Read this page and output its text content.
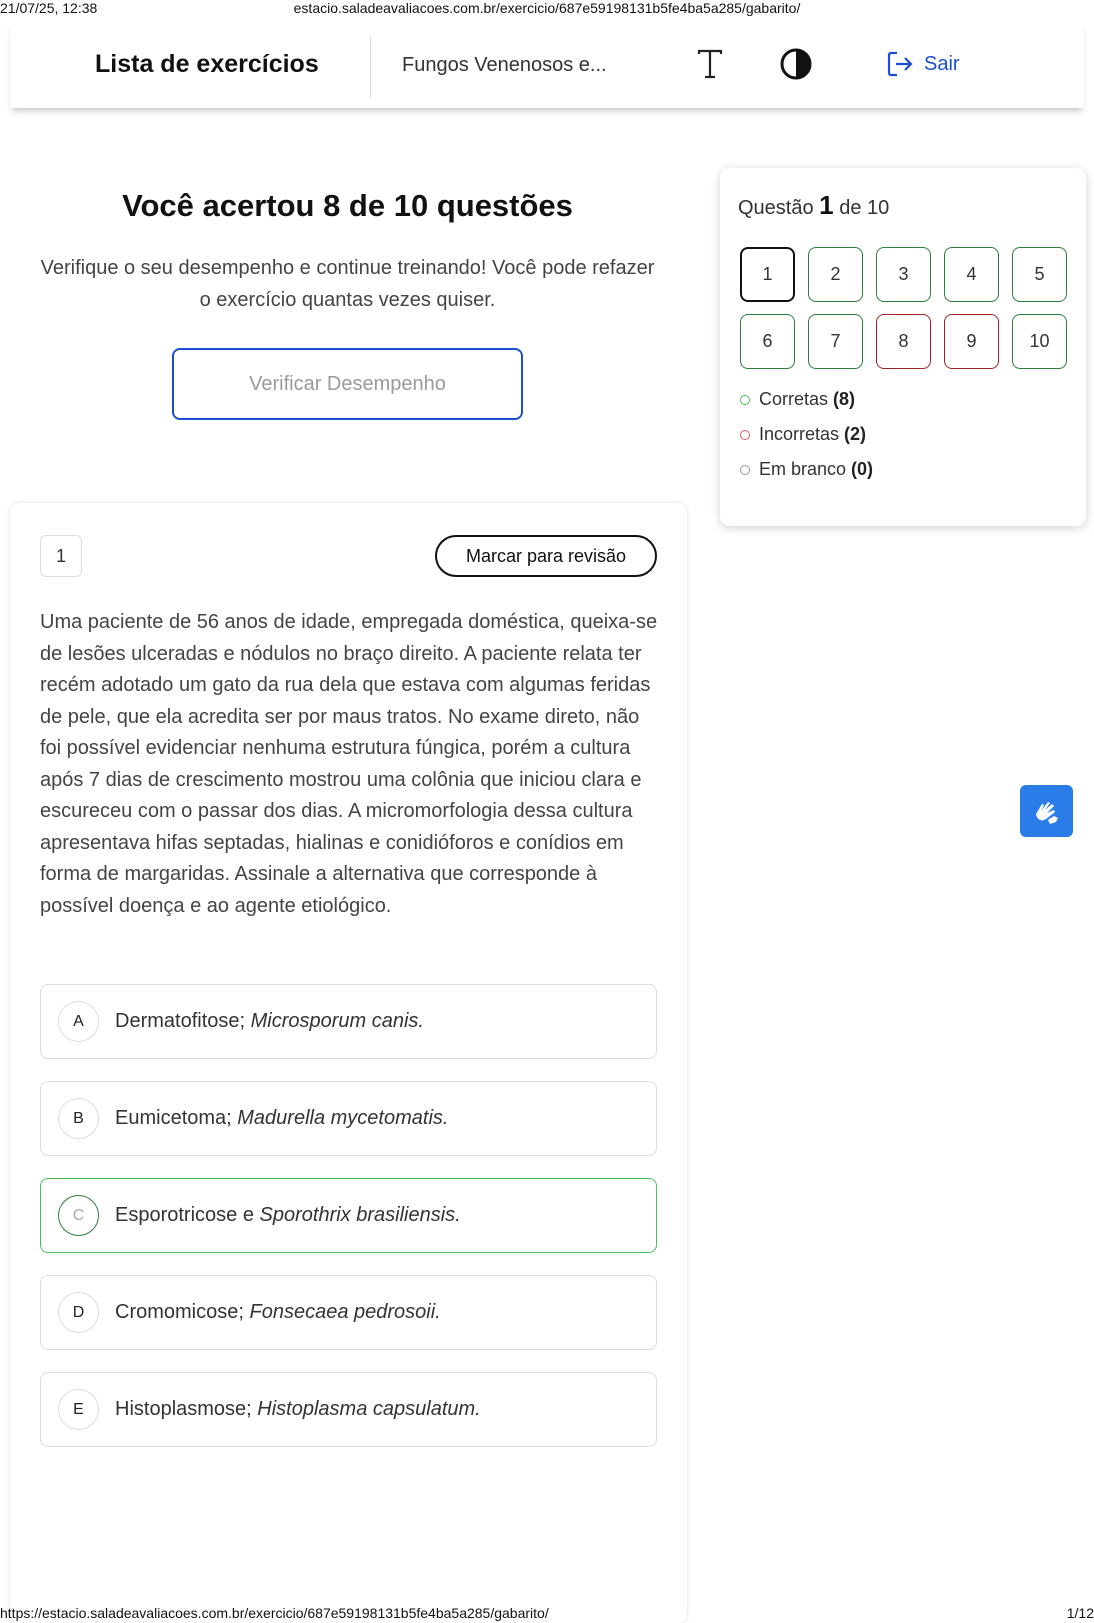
21/07/25, 12:38	estacio.saladeavaliacoes.com.br/exercicio/687e59198131b5fe4ba5a285/gabarito/
Lista de exercícios	Fungos Venenosos e...	Sair
Você acertou 8 de 10 questões
Verifique o seu desempenho e continue treinando! Você pode refazer o exercício quantas vezes quiser.
Verificar Desempenho
Questão 1 de 10
1	2	3	4	5
6	7	8	9	10
Corretas (8)
Incorretas (2)
Em branco (0)
1	Marcar para revisão
Uma paciente de 56 anos de idade, empregada doméstica, queixa-se de lesões ulceradas e nódulos no braço direito. A paciente relata ter recém adotado um gato da rua dela que estava com algumas feridas de pele, que ela acredita ser por maus tratos. No exame direto, não foi possível evidenciar nenhuma estrutura fúngica, porém a cultura após 7 dias de crescimento mostrou uma colônia que iniciou clara e escureceu com o passar dos dias. A micromorfologia dessa cultura apresentava hifas septadas, hialinas e conidióforos e conídios em forma de margaridas. Assinale a alternativa que corresponde à possível doença e ao agente etiológico.
A	Dermatofitose; Microsporum canis.
B	Eumicetoma; Madurella mycetomatis.
C	Esporotricose e Sporothrix brasiliensis.
D	Cromomicose; Fonsecaea pedrosoii.
E	Histoplasmose; Histoplasma capsulatum.
https://estacio.saladeavaliacoes.com.br/exercicio/687e59198131b5fe4ba5a285/gabarito/	1/12
